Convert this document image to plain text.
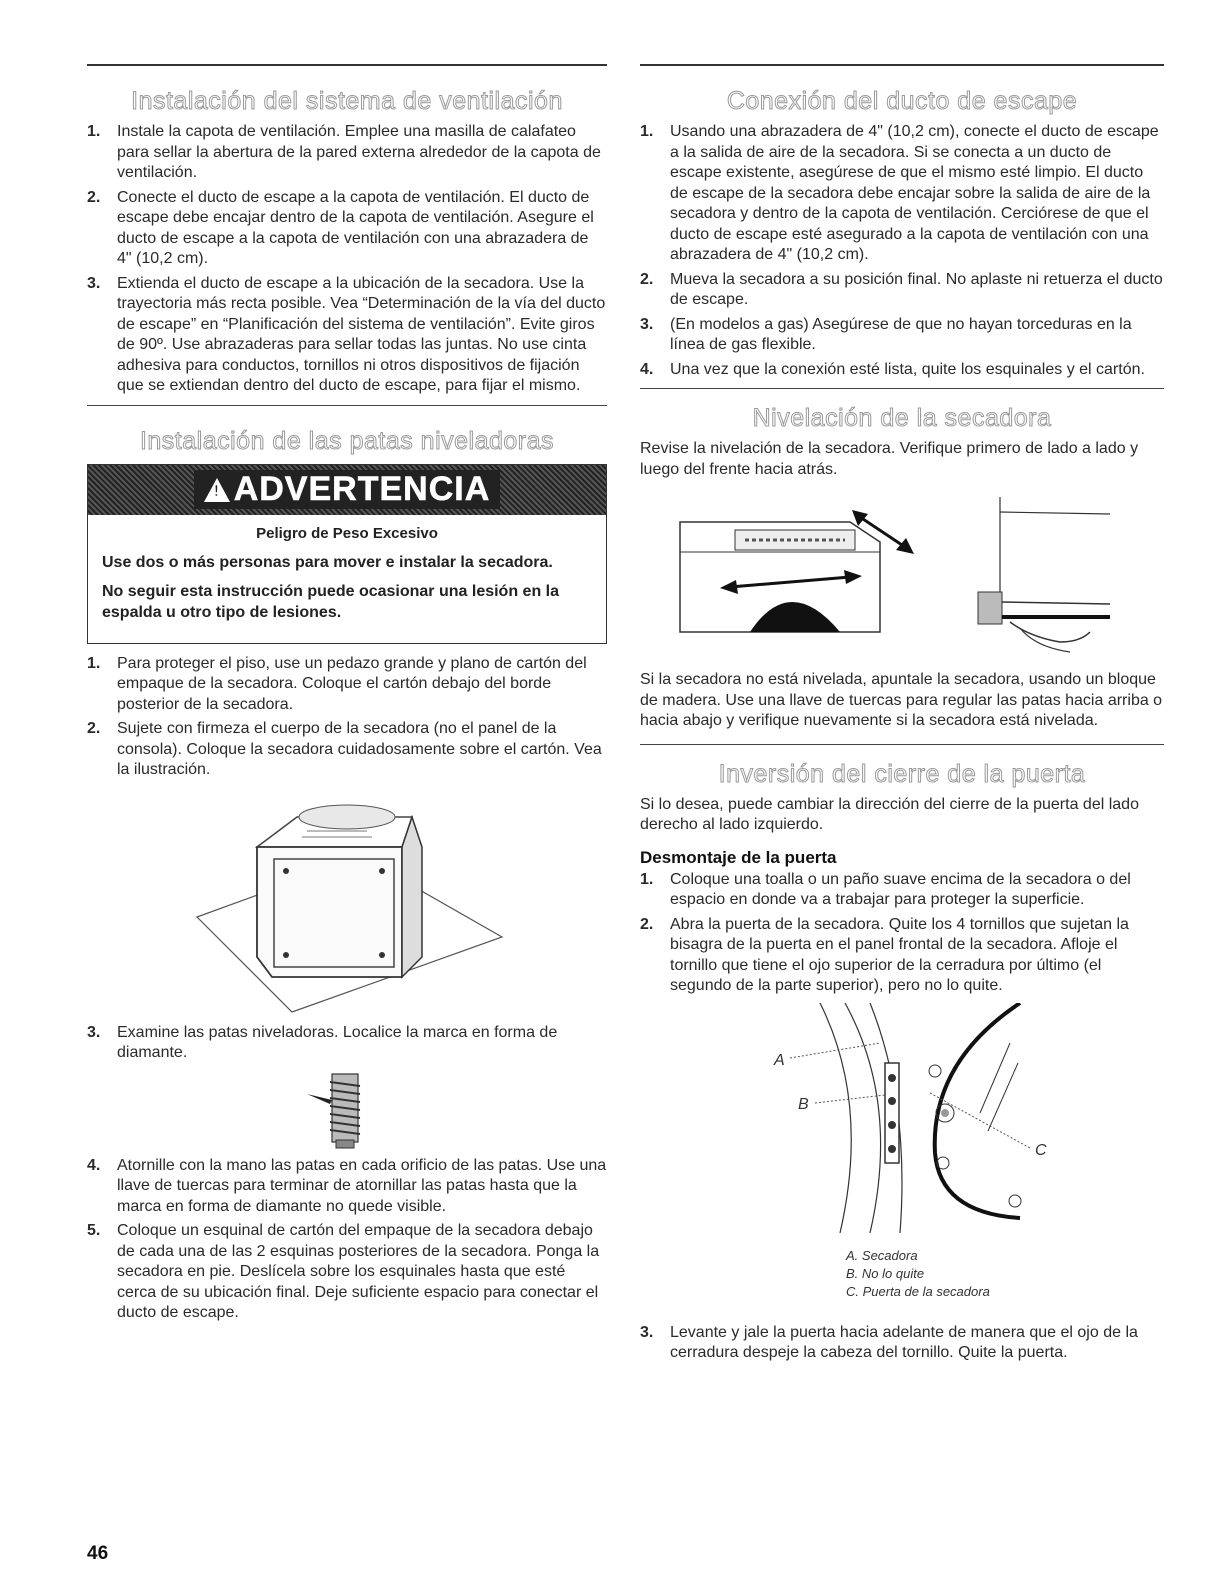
Instalación del sistema de ventilación
1. Instale la capota de ventilación. Emplee una masilla de calafateo para sellar la abertura de la pared externa alrededor de la capota de ventilación.
2. Conecte el ducto de escape a la capota de ventilación. El ducto de escape debe encajar dentro de la capota de ventilación. Asegure el ducto de escape a la capota de ventilación con una abrazadera de 4" (10,2 cm).
3. Extienda el ducto de escape a la ubicación de la secadora. Use la trayectoria más recta posible. Vea “Determinación de la vía del ducto de escape” en “Planificación del sistema de ventilación”. Evite giros de 90º. Use abrazaderas para sellar todas las juntas. No use cinta adhesiva para conductos, tornillos ni otros dispositivos de fijación que se extiendan dentro del ducto de escape, para fijar el mismo.
Instalación de las patas niveladoras
! ADVERTENCIA
Peligro de Peso Excesivo
Use dos o más personas para mover e instalar la secadora.
No seguir esta instrucción puede ocasionar una lesión en la espalda u otro tipo de lesiones.
1. Para proteger el piso, use un pedazo grande y plano de cartón del empaque de la secadora. Coloque el cartón debajo del borde posterior de la secadora.
2. Sujete con firmeza el cuerpo de la secadora (no el panel de la consola). Coloque la secadora cuidadosamente sobre el cartón. Vea la ilustración.
3. Examine las patas niveladoras. Localice la marca en forma de diamante.
4. Atornille con la mano las patas en cada orificio de las patas. Use una llave de tuercas para terminar de atornillar las patas hasta que la marca en forma de diamante no quede visible.
5. Coloque un esquinal de cartón del empaque de la secadora debajo de cada una de las 2 esquinas posteriores de la secadora. Ponga la secadora en pie. Deslícela sobre los esquinales hasta que esté cerca de su ubicación final. Deje suficiente espacio para conectar el ducto de escape.
Conexión del ducto de escape
1. Usando una abrazadera de 4" (10,2 cm), conecte el ducto de escape a la salida de aire de la secadora. Si se conecta a un ducto de escape existente, asegúrese de que el mismo esté limpio. El ducto de escape de la secadora debe encajar sobre la salida de aire de la secadora y dentro de la capota de ventilación. Cerciórese de que el ducto de escape esté asegurado a la capota de ventilación con una abrazadera de 4" (10,2 cm).
2. Mueva la secadora a su posición final. No aplaste ni retuerza el ducto de escape.
3. (En modelos a gas) Asegúrese de que no hayan torceduras en la línea de gas flexible.
4. Una vez que la conexión esté lista, quite los esquinales y el cartón.
Nivelación de la secadora

Revise la nivelación de la secadora. Verifique primero de lado a lado y luego del frente hacia atrás.

Si la secadora no está nivelada, apuntale la secadora, usando un bloque de madera. Use una llave de tuercas para regular las patas hacia arriba o hacia abajo y verifique nuevamente si la secadora está nivelada.

Inversión del cierre de la puerta

Si lo desea, puede cambiar la dirección del cierre de la puerta del lado derecho al lado izquierdo.

Desmontaje de la puerta
1. Coloque una toalla o un paño suave encima de la secadora o del espacio en donde va a trabajar para proteger la superficie.
2. Abra la puerta de la secadora. Quite los 4 tornillos que sujetan la bisagra de la puerta en el panel frontal de la secadora. Afloje el tornillo que tiene el ojo superior de la cerradura por último (el segundo de la parte superior), pero no lo quite.
A
B
C
A. Secadora
B. No lo quite
C. Puerta de la secadora
3. Levante y jale la puerta hacia adelante de manera que el ojo de la cerradura despeje la cabeza del tornillo. Quite la puerta.
46
